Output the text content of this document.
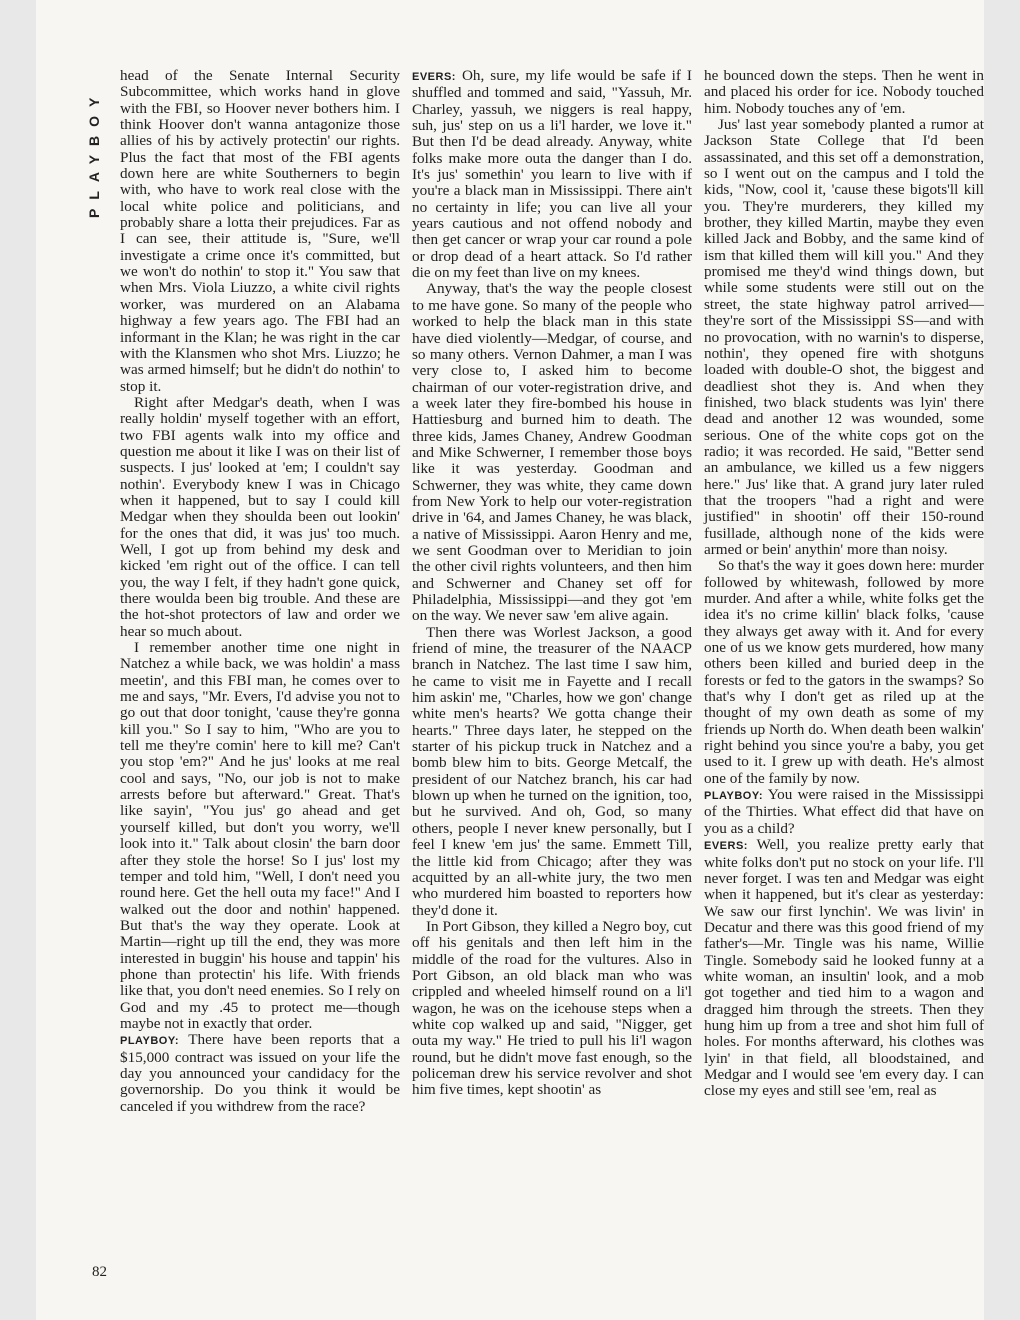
PLAYBOY

head of the Senate Internal Security Subcommittee, which works hand in glove with the FBI, so Hoover never bothers him. I think Hoover don't wanna antagonize those allies of his by actively protectin' our rights. Plus the fact that most of the FBI agents down here are white Southerners to begin with, who have to work real close with the local white police and politicians, and probably share a lotta their prejudices. Far as I can see, their attitude is, "Sure, we'll investigate a crime once it's committed, but we won't do nothin' to stop it." You saw that when Mrs. Viola Liuzzo, a white civil rights worker, was murdered on an Alabama highway a few years ago. The FBI had an informant in the Klan; he was right in the car with the Klansmen who shot Mrs. Liuzzo; he was armed himself; but he didn't do nothin' to stop it.

Right after Medgar's death, when I was really holdin' myself together with an effort, two FBI agents walk into my office and question me about it like I was on their list of suspects. I jus' looked at 'em; I couldn't say nothin'. Everybody knew I was in Chicago when it happened, but to say I could kill Medgar when they shoulda been out lookin' for the ones that did, it was jus' too much. Well, I got up from behind my desk and kicked 'em right out of the office. I can tell you, the way I felt, if they hadn't gone quick, there woulda been big trouble. And these are the hot-shot protectors of law and order we hear so much about.

I remember another time one night in Natchez a while back, we was holdin' a mass meetin', and this FBI man, he comes over to me and says, "Mr. Evers, I'd advise you not to go out that door tonight, 'cause they're gonna kill you." So I say to him, "Who are you to tell me they're comin' here to kill me? Can't you stop 'em?" And he jus' looks at me real cool and says, "No, our job is not to make arrests before but afterward." Great. That's like sayin', "You jus' go ahead and get yourself killed, but don't you worry, we'll look into it." Talk about closin' the barn door after they stole the horse! So I jus' lost my temper and told him, "Well, I don't need you round here. Get the hell outa my face!" And I walked out the door and nothin' happened. But that's the way they operate. Look at Martin—right up till the end, they was more interested in buggin' his house and tappin' his phone than protectin' his life. With friends like that, you don't need enemies. So I rely on God and my .45 to protect me—though maybe not in exactly that order.

PLAYBOY: There have been reports that a $15,000 contract was issued on your life the day you announced your candidacy for the governorship. Do you think it would be canceled if you withdrew from the race?

EVERS: Oh, sure, my life would be safe if I shuffled and tommed and said, "Yassuh, Mr. Charley, yassuh, we niggers is real happy, suh, jus' step on us a li'l harder, we love it." But then I'd be dead already. Anyway, white folks make more outa the danger than I do. It's jus' somethin' you learn to live with if you're a black man in Mississippi. There ain't no certainty in life; you can live all your years cautious and not offend nobody and then get cancer or wrap your car round a pole or drop dead of a heart attack. So I'd rather die on my feet than live on my knees.

Anyway, that's the way the people closest to me have gone. So many of the people who worked to help the black man in this state have died violently—Medgar, of course, and so many others. Vernon Dahmer, a man I was very close to, I asked him to become chairman of our voter-registration drive, and a week later they fire-bombed his house in Hattiesburg and burned him to death. The three kids, James Chaney, Andrew Goodman and Mike Schwerner, I remember those boys like it was yesterday. Goodman and Schwerner, they was white, they came down from New York to help our voter-registration drive in '64, and James Chaney, he was black, a native of Mississippi. Aaron Henry and me, we sent Goodman over to Meridian to join the other civil rights volunteers, and then him and Schwerner and Chaney set off for Philadelphia, Mississippi—and they got 'em on the way. We never saw 'em alive again.

Then there was Worlest Jackson, a good friend of mine, the treasurer of the NAACP branch in Natchez. The last time I saw him, he came to visit me in Fayette and I recall him askin' me, "Charles, how we gon' change white men's hearts? We gotta change their hearts." Three days later, he stepped on the starter of his pickup truck in Natchez and a bomb blew him to bits. George Metcalf, the president of our Natchez branch, his car had blown up when he turned on the ignition, too, but he survived. And oh, God, so many others, people I never knew personally, but I feel I knew 'em jus' the same. Emmett Till, the little kid from Chicago; after they was acquitted by an all-white jury, the two men who murdered him boasted to reporters how they'd done it.

In Port Gibson, they killed a Negro boy, cut off his genitals and then left him in the middle of the road for the vultures. Also in Port Gibson, an old black man who was crippled and wheeled himself round on a li'l wagon, he was on the icehouse steps when a white cop walked up and said, "Nigger, get outa my way." He tried to pull his li'l wagon round, but he didn't move fast enough, so the policeman drew his service revolver and shot him five times, kept shootin' as

he bounced down the steps. Then he went in and placed his order for ice. Nobody touched him. Nobody touches any of 'em.

Jus' last year somebody planted a rumor at Jackson State College that I'd been assassinated, and this set off a demonstration, so I went out on the campus and I told the kids, "Now, cool it, 'cause these bigots'll kill you. They're murderers, they killed my brother, they killed Martin, maybe they even killed Jack and Bobby, and the same kind of ism that killed them will kill you." And they promised me they'd wind things down, but while some students were still out on the street, the state highway patrol arrived—they're sort of the Mississippi SS—and with no provocation, with no warnin's to disperse, nothin', they opened fire with shotguns loaded with double-O shot, the biggest and deadliest shot they is. And when they finished, two black students was lyin' there dead and another 12 was wounded, some serious. One of the white cops got on the radio; it was recorded. He said, "Better send an ambulance, we killed us a few niggers here." Jus' like that. A grand jury later ruled that the troopers "had a right and were justified" in shootin' off their 150-round fusillade, although none of the kids were armed or bein' anythin' more than noisy.

So that's the way it goes down here: murder followed by whitewash, followed by more murder. And after a while, white folks get the idea it's no crime killin' black folks, 'cause they always get away with it. And for every one of us we know gets murdered, how many others been killed and buried deep in the forests or fed to the gators in the swamps? So that's why I don't get as riled up at the thought of my own death as some of my friends up North do. When death been walkin' right behind you since you're a baby, you get used to it. I grew up with death. He's almost one of the family by now.

PLAYBOY: You were raised in the Mississippi of the Thirties. What effect did that have on you as a child?

EVERS: Well, you realize pretty early that white folks don't put no stock on your life. I'll never forget. I was ten and Medgar was eight when it happened, but it's clear as yesterday: We saw our first lynchin'. We was livin' in Decatur and there was this good friend of my father's—Mr. Tingle was his name, Willie Tingle. Somebody said he looked funny at a white woman, an insultin' look, and a mob got together and tied him to a wagon and dragged him through the streets. Then they hung him up from a tree and shot him full of holes. For months afterward, his clothes was lyin' in that field, all bloodstained, and Medgar and I would see 'em every day. I can close my eyes and still see 'em, real as

82
